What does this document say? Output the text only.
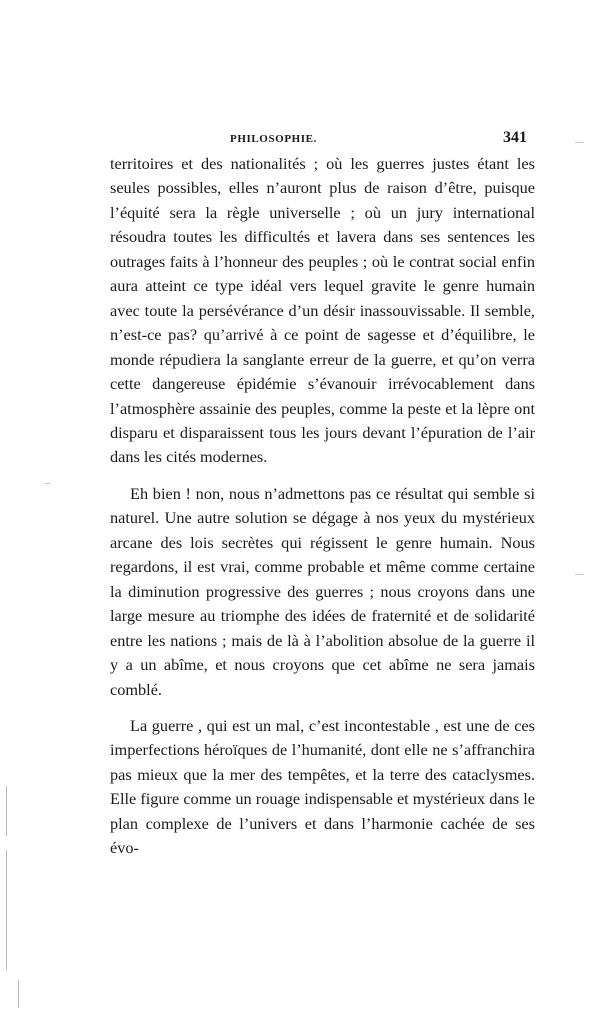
PHILOSOPHIE.	341

territoires et des nationalités ; où les guerres justes étant les seules possibles, elles n’auront plus de raison d’être, puisque l’équité sera la règle universelle ; où un jury international résoudra toutes les difficultés et lavera dans ses sentences les outrages faits à l’honneur des peuples ; où le contrat social enfin aura atteint ce type idéal vers lequel gravite le genre humain avec toute la persévérance d’un désir inassouvissable. Il semble, n’est-ce pas? qu’arrivé à ce point de sagesse et d’équilibre, le monde répudiera la sanglante erreur de la guerre, et qu’on verra cette dangereuse épidémie s’évanouir irrévocablement dans l’atmosphère assainie des peuples, comme la peste et la lèpre ont disparu et disparaissent tous les jours devant l’épuration de l’air dans les cités modernes.

Eh bien ! non, nous n’admettons pas ce résultat qui semble si naturel. Une autre solution se dégage à nos yeux du mystérieux arcane des lois secrètes qui régissent le genre humain. Nous regardons, il est vrai, comme probable et même comme certaine la diminution progressive des guerres ; nous croyons dans une large mesure au triomphe des idées de fraternité et de solidarité entre les nations ; mais de là à l’abolition absolue de la guerre il y a un abîme, et nous croyons que cet abîme ne sera jamais comblé.

La guerre , qui est un mal, c’est incontestable , est une de ces imperfections héroïques de l’humanité, dont elle ne s’affranchira pas mieux que la mer des tempêtes, et la terre des cataclysmes. Elle figure comme un rouage indispensable et mystérieux dans le plan complexe de l’univers et dans l’harmonie cachée de ses évo-
